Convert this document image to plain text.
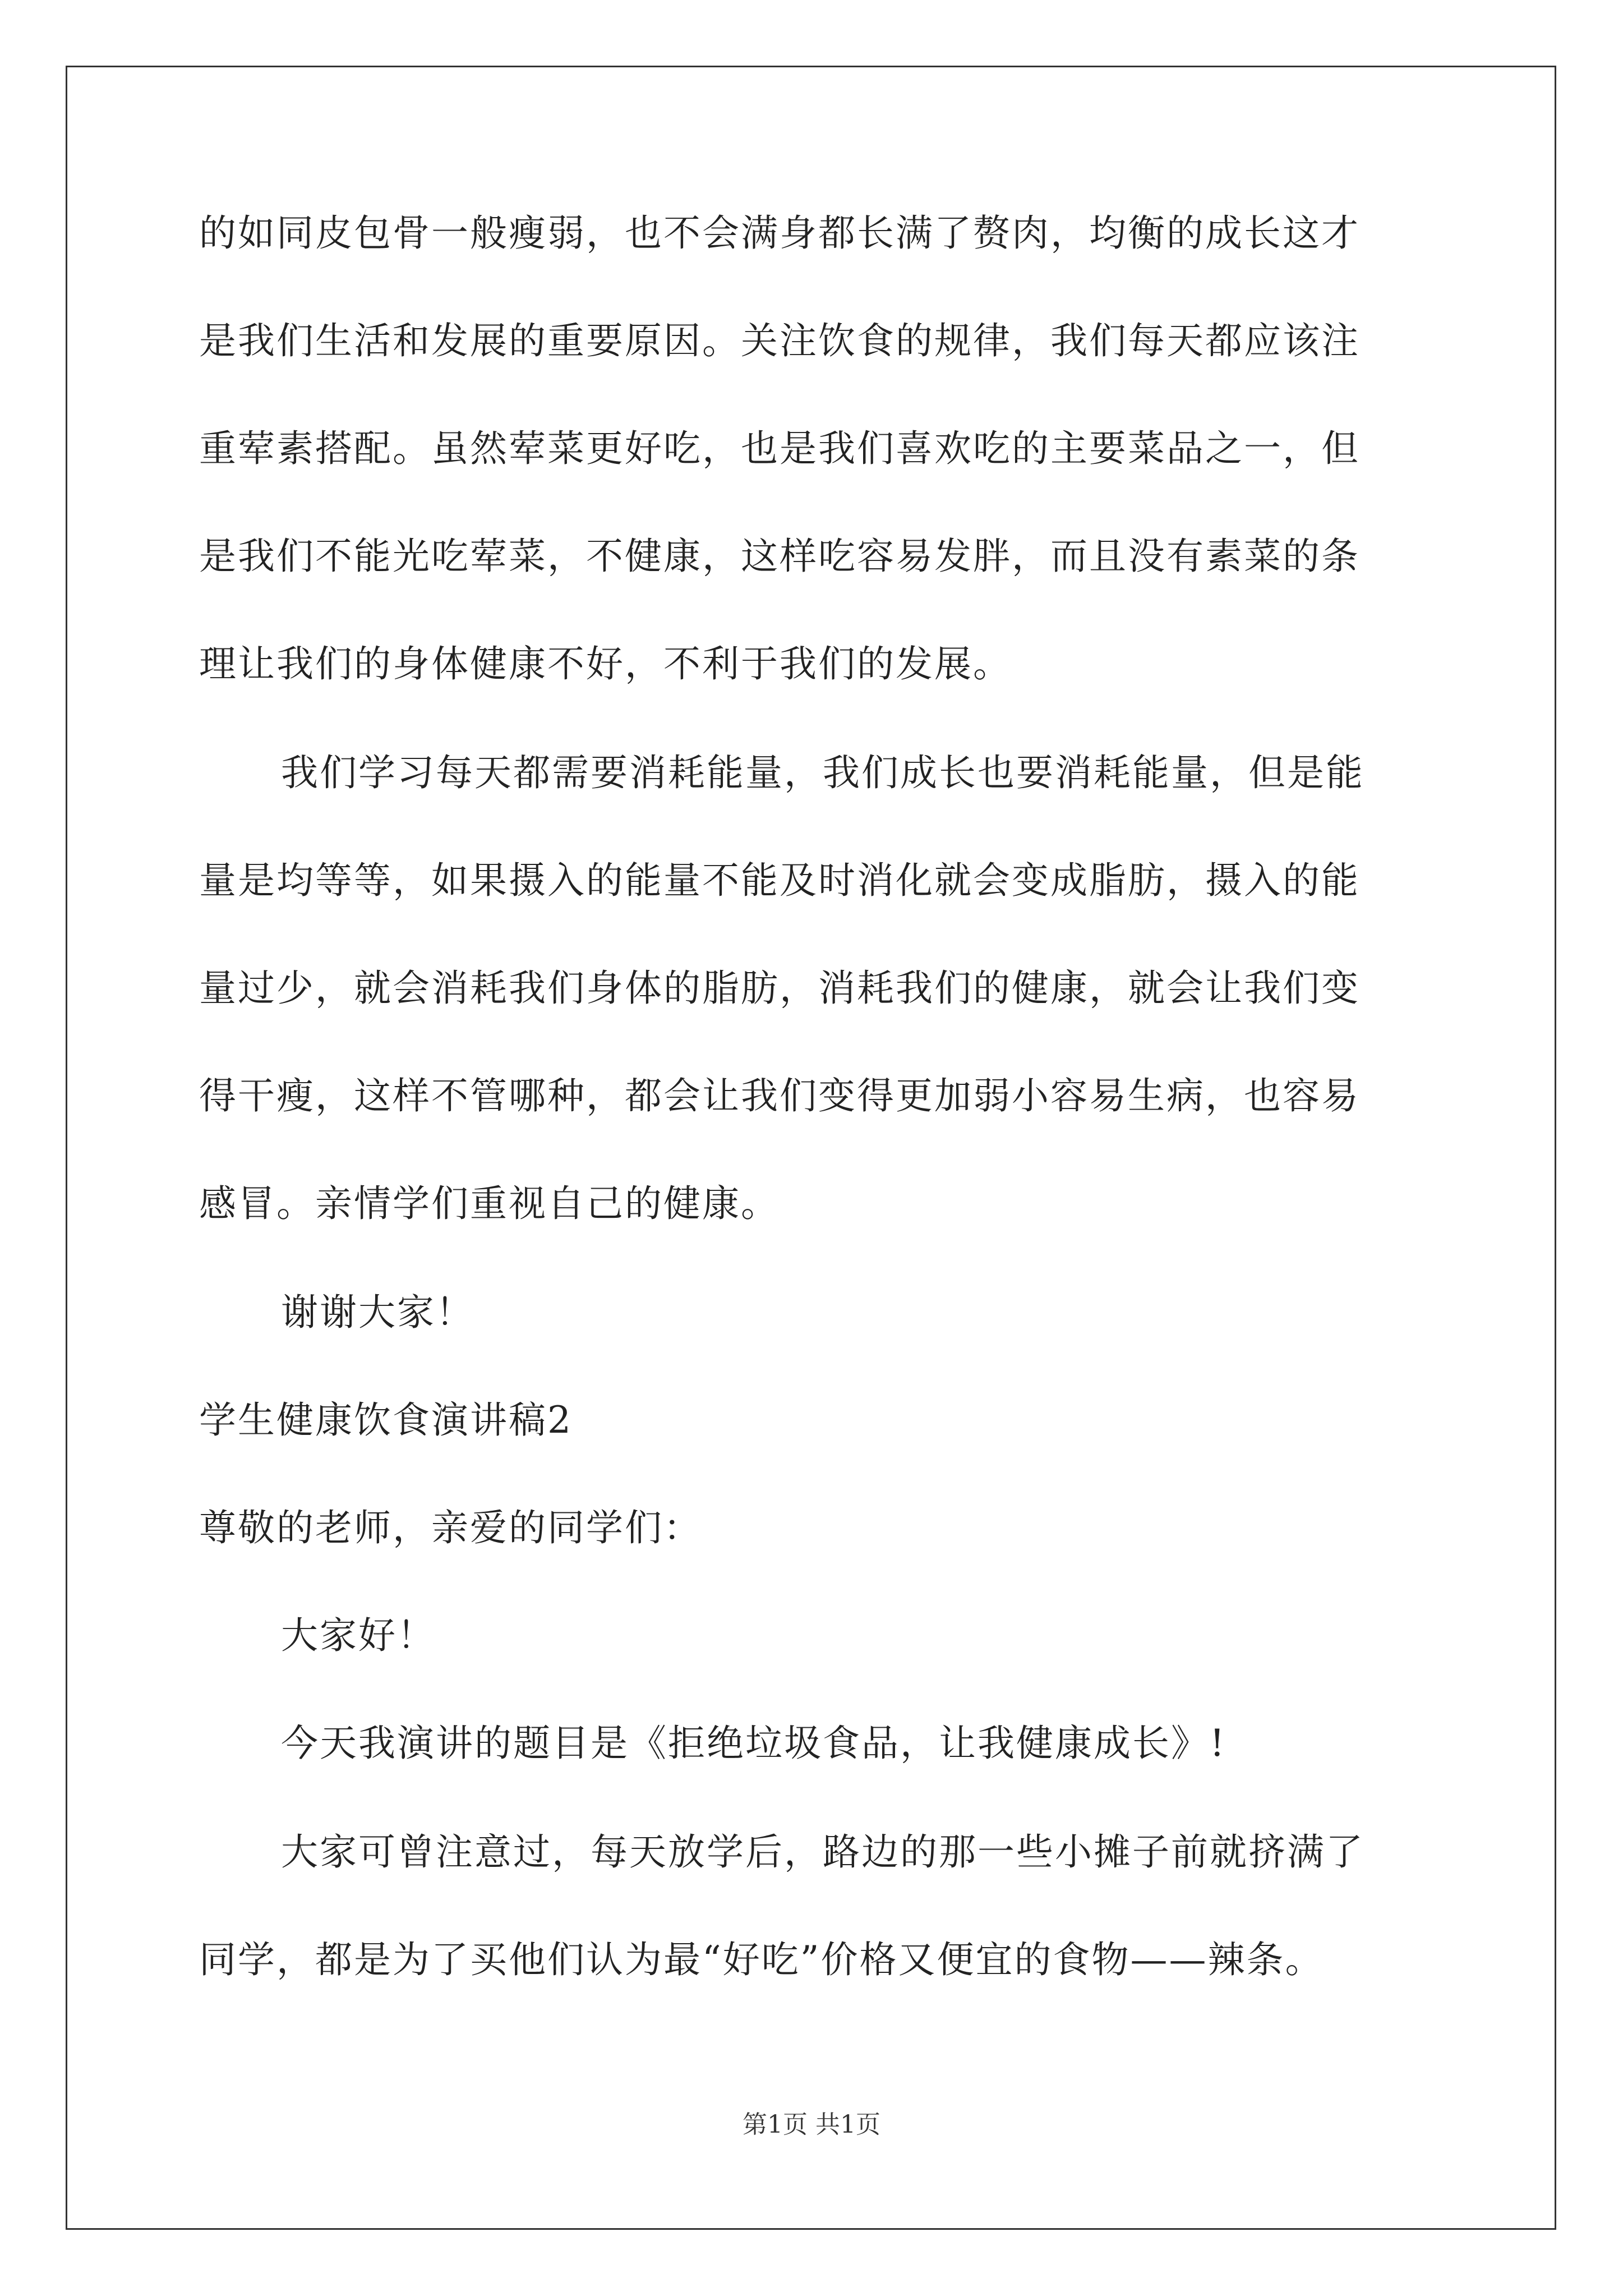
的如同皮包骨一般瘦弱，也不会满身都长满了赘肉，均衡的成长这才
是我们生活和发展的重要原因。关注饮食的规律，我们每天都应该注
重荤素搭配。虽然荤菜更好吃，也是我们喜欢吃的主要菜品之一，但
是我们不能光吃荤菜，不健康，这样吃容易发胖，而且没有素菜的条
理让我们的身体健康不好，不利于我们的发展。
我们学习每天都需要消耗能量，我们成长也要消耗能量，但是能
量是均等等，如果摄入的能量不能及时消化就会变成脂肪，摄入的能
量过少，就会消耗我们身体的脂肪，消耗我们的健康，就会让我们变
得干瘦，这样不管哪种，都会让我们变得更加弱小容易生病，也容易
感冒。亲情学们重视自己的健康。
谢谢大家！
学生健康饮食演讲稿2
尊敬的老师，亲爱的同学们：
大家好！
今天我演讲的题目是《拒绝垃圾食品，让我健康成长》!
大家可曾注意过，每天放学后，路边的那一些小摊子前就挤满了
同学，都是为了买他们认为最“好吃”价格又便宜的食物——辣条。
第1页 共1页
